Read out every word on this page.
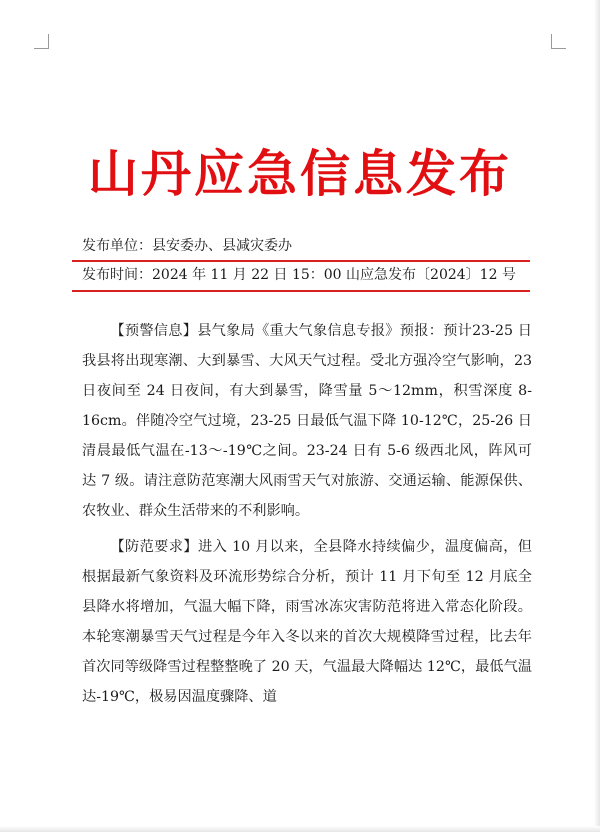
山丹应急信息发布
发布单位：县安委办、县减灾委办
发布时间：2024 年 11 月 22 日 15：00 山应急发布〔2024〕12 号

【预警信息】县气象局《重大气象信息专报》预报：预计23-25 日我县将出现寒潮、大到暴雪、大风天气过程。受北方强冷空气影响，23 日夜间至 24 日夜间，有大到暴雪，降雪量 5～12mm，积雪深度 8-16cm。伴随冷空气过境，23-25 日最低气温下降 10-12℃，25-26 日清晨最低气温在-13～-19℃之间。23-24 日有 5-6 级西北风，阵风可达 7 级。请注意防范寒潮大风雨雪天气对旅游、交通运输、能源保供、农牧业、群众生活带来的不利影响。

【防范要求】进入 10 月以来，全县降水持续偏少，温度偏高，但根据最新气象资料及环流形势综合分析，预计 11 月下旬至 12 月底全县降水将增加，气温大幅下降，雨雪冰冻灾害防范将进入常态化阶段。本轮寒潮暴雪天气过程是今年入冬以来的首次大规模降雪过程，比去年首次同等级降雪过程整整晚了 20 天，气温最大降幅达 12℃，最低气温达-19℃，极易因温度骤降、道
